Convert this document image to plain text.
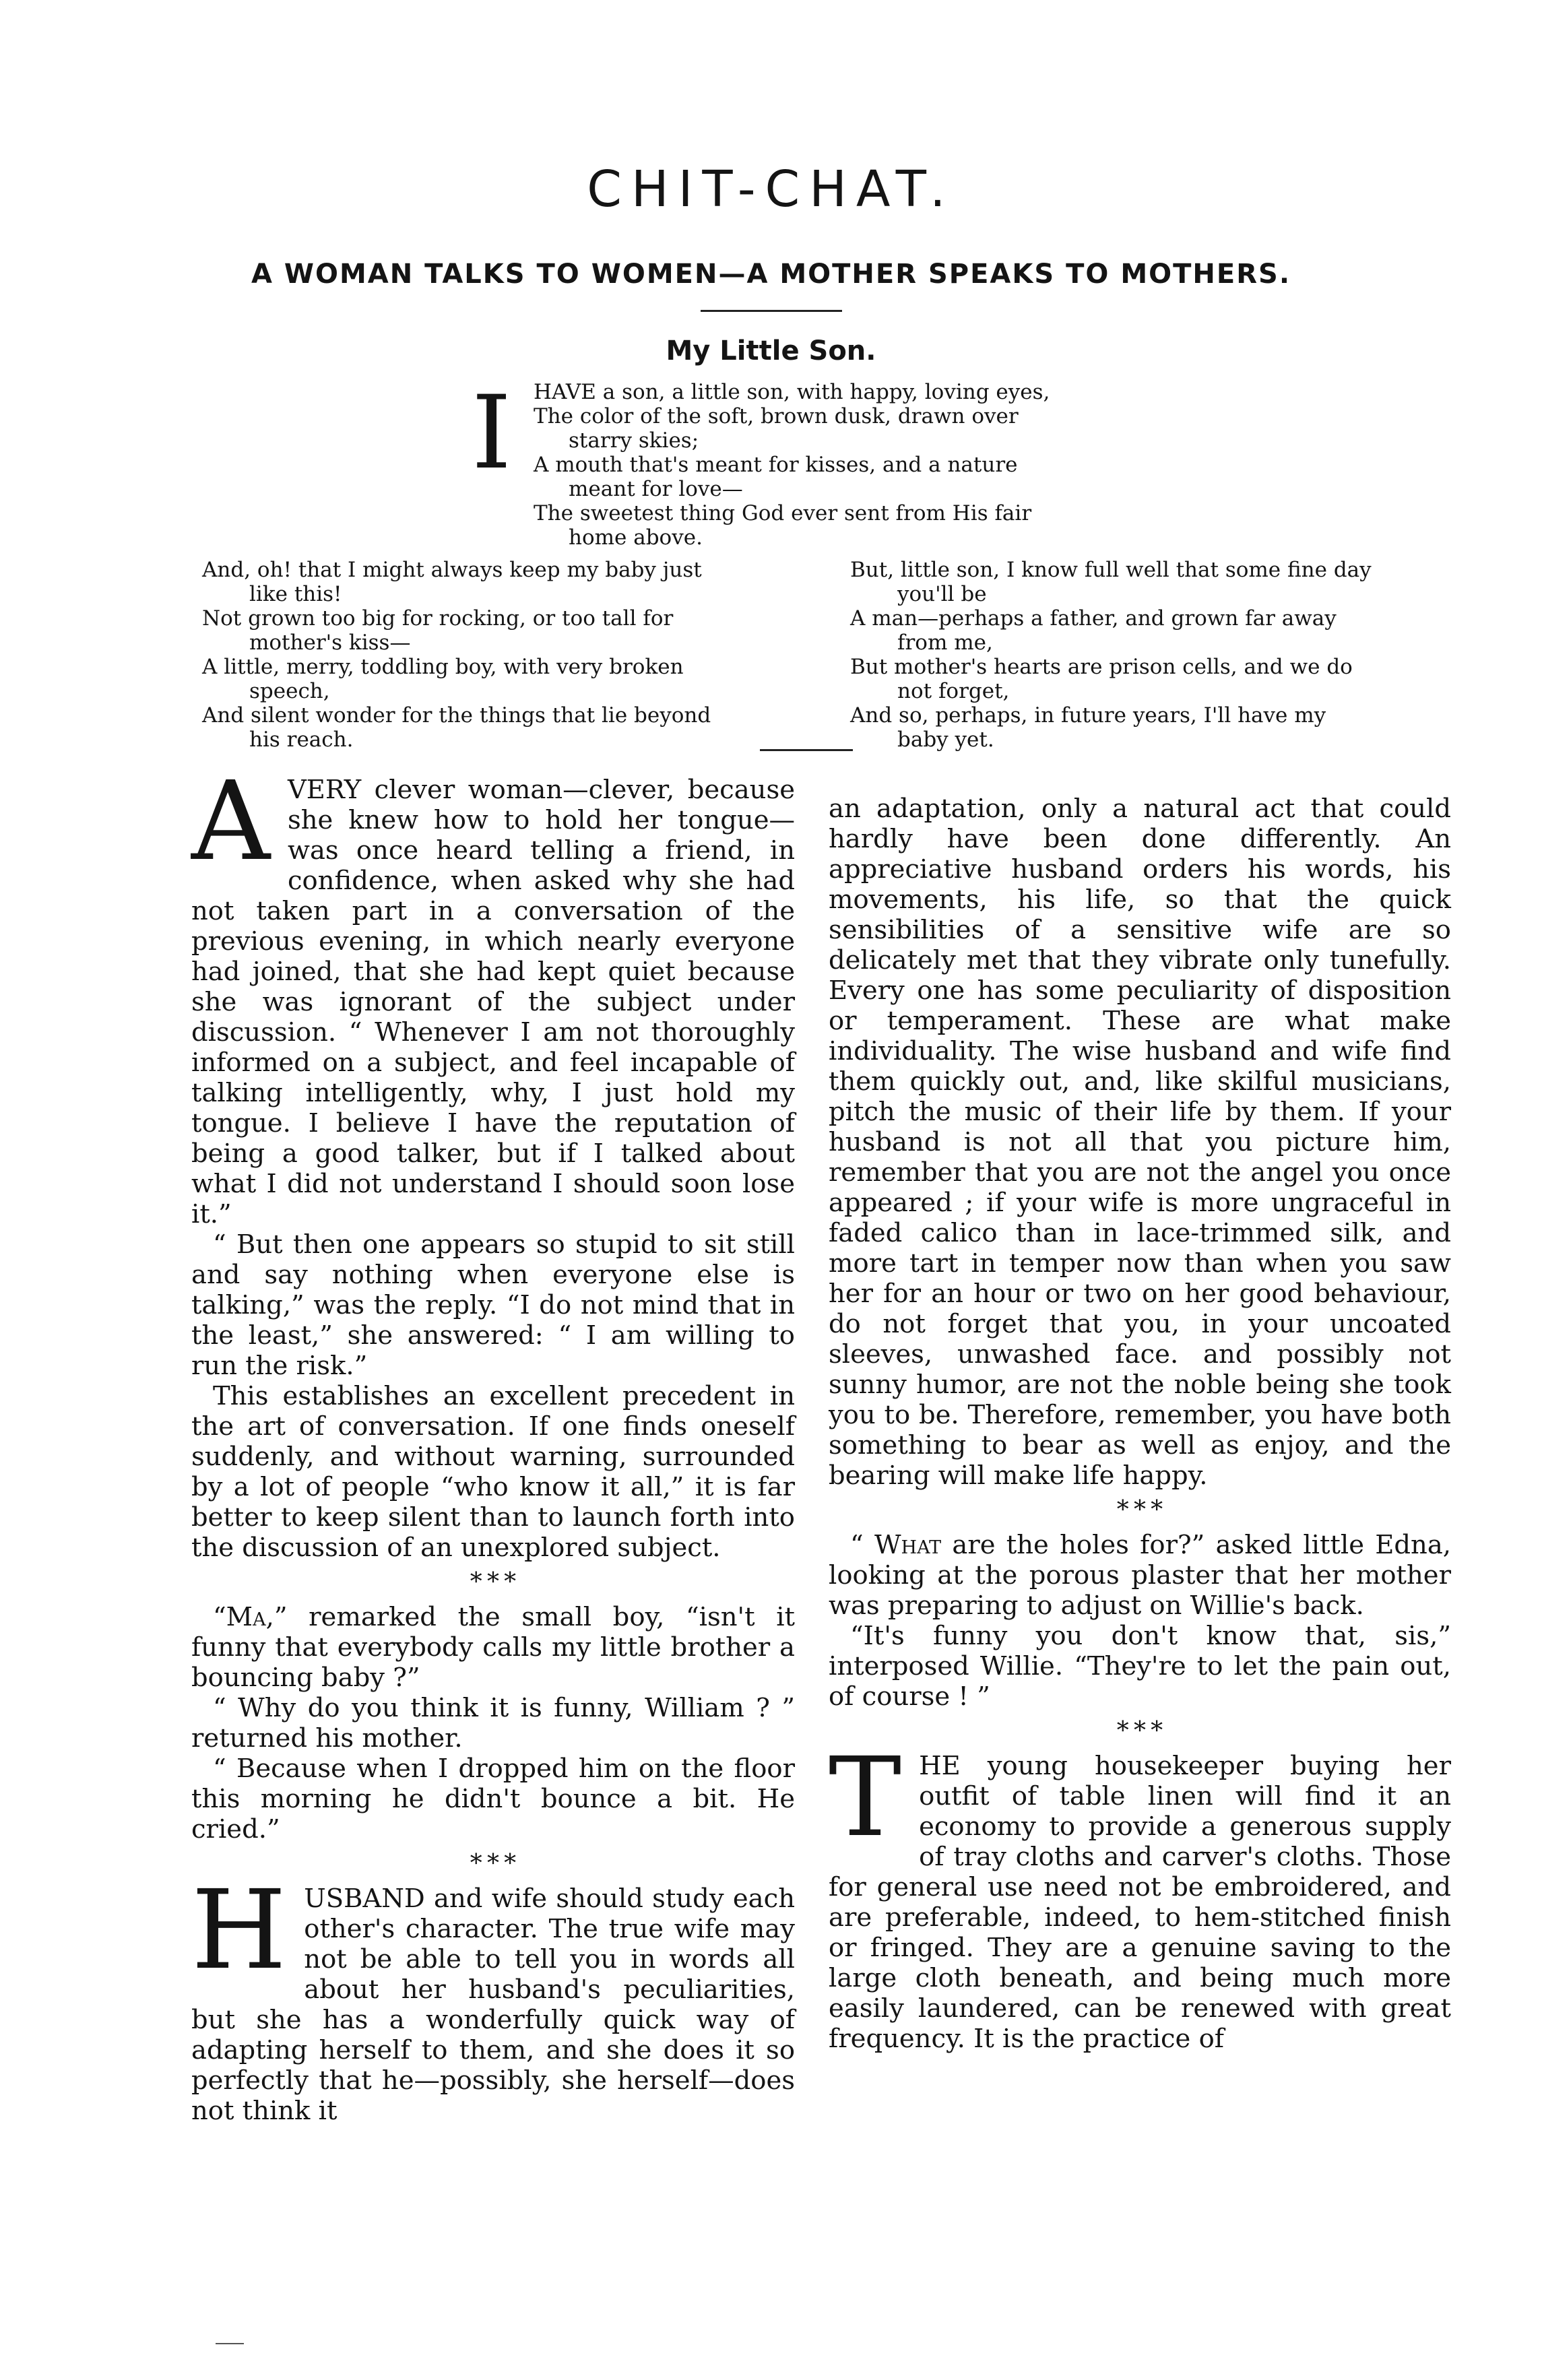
CHIT-CHAT.
A WOMAN TALKS TO WOMEN—A MOTHER SPEAKS TO MOTHERS.
My Little Son.
I HAVE a son, a little son, with happy, loving eyes,

The color of the soft, brown dusk, drawn over

starry skies;

A mouth that's meant for kisses, and a nature

meant for love—

The sweetest thing God ever sent from His fair

home above.

And, oh! that I might always keep my baby just

like this!

Not grown too big for rocking, or too tall for

mother's kiss—

A little, merry, toddling boy, with very broken

speech,

And silent wonder for the things that lie beyond

his reach.

But, little son, I know full well that some fine day

you'll be

A man—perhaps a father, and grown far away

from me,

But mother's hearts are prison cells, and we do

not forget,

And so, perhaps, in future years, I'll have my

baby yet.

AVERY clever woman—clever, because she knew how to hold her tongue—was once heard telling a friend, in confidence, when asked why she had not taken part in a conversation of the previous evening, in which nearly everyone had joined, that she had kept quiet because she was ignorant of the subject under discussion. “ Whenever I am not thoroughly informed on a subject, and feel incapable of talking intelligently, why, I just hold my tongue. I believe I have the reputation of being a good talker, but if I talked about what I did not understand I should soon lose it.”

“ But then one appears so stupid to sit still and say nothing when everyone else is talking,” was the reply. “I do not mind that in the least,” she answered: “ I am willing to run the risk.”

This establishes an excellent precedent in the art of conversation. If one finds oneself suddenly, and without warning, surrounded by a lot of people “who know it all,” it is far better to keep silent than to launch forth into the discussion of an unexplored subject.

* * *

“Ma,” remarked the small boy, “isn't it funny that everybody calls my little brother a bouncing baby ?”

“ Why do you think it is funny, William ? ” returned his mother.

“ Because when I dropped him on the floor this morning he didn't bounce a bit. He cried.”

* * *

HUSBAND and wife should study each other's character. The true wife may not be able to tell you in words all about her husband's peculiarities, but she has a wonderfully quick way of adapting herself to them, and she does it so perfectly that he—possibly, she herself—does not think it

an adaptation, only a natural act that could hardly have been done differently. An appreciative husband orders his words, his movements, his life, so that the quick sensibilities of a sensitive wife are so delicately met that they vibrate only tunefully. Every one has some peculiarity of disposition or temperament. These are what make individuality. The wise husband and wife find them quickly out, and, like skilful musicians, pitch the music of their life by them. If your husband is not all that you picture him, remember that you are not the angel you once appeared ; if your wife is more ungraceful in faded calico than in lace-trimmed silk, and more tart in temper now than when you saw her for an hour or two on her good behaviour, do not forget that you, in your uncoated sleeves, unwashed face. and possibly not sunny humor, are not the noble being she took you to be. Therefore, remember, you have both something to bear as well as enjoy, and the bearing will make life happy.

* * *

“ What are the holes for?” asked little Edna, looking at the porous plaster that her mother was preparing to adjust on Willie's back.

“It's funny you don't know that, sis,” interposed Willie. “They're to let the pain out, of course ! ”

* * *

THE young housekeeper buying her outfit of table linen will find it an economy to provide a generous supply of tray cloths and carver's cloths. Those for general use need not be embroidered, and are preferable, indeed, to hem-stitched finish or fringed. They are a genuine saving to the large cloth beneath, and being much more easily laundered, can be renewed with great frequency. It is the practice of
